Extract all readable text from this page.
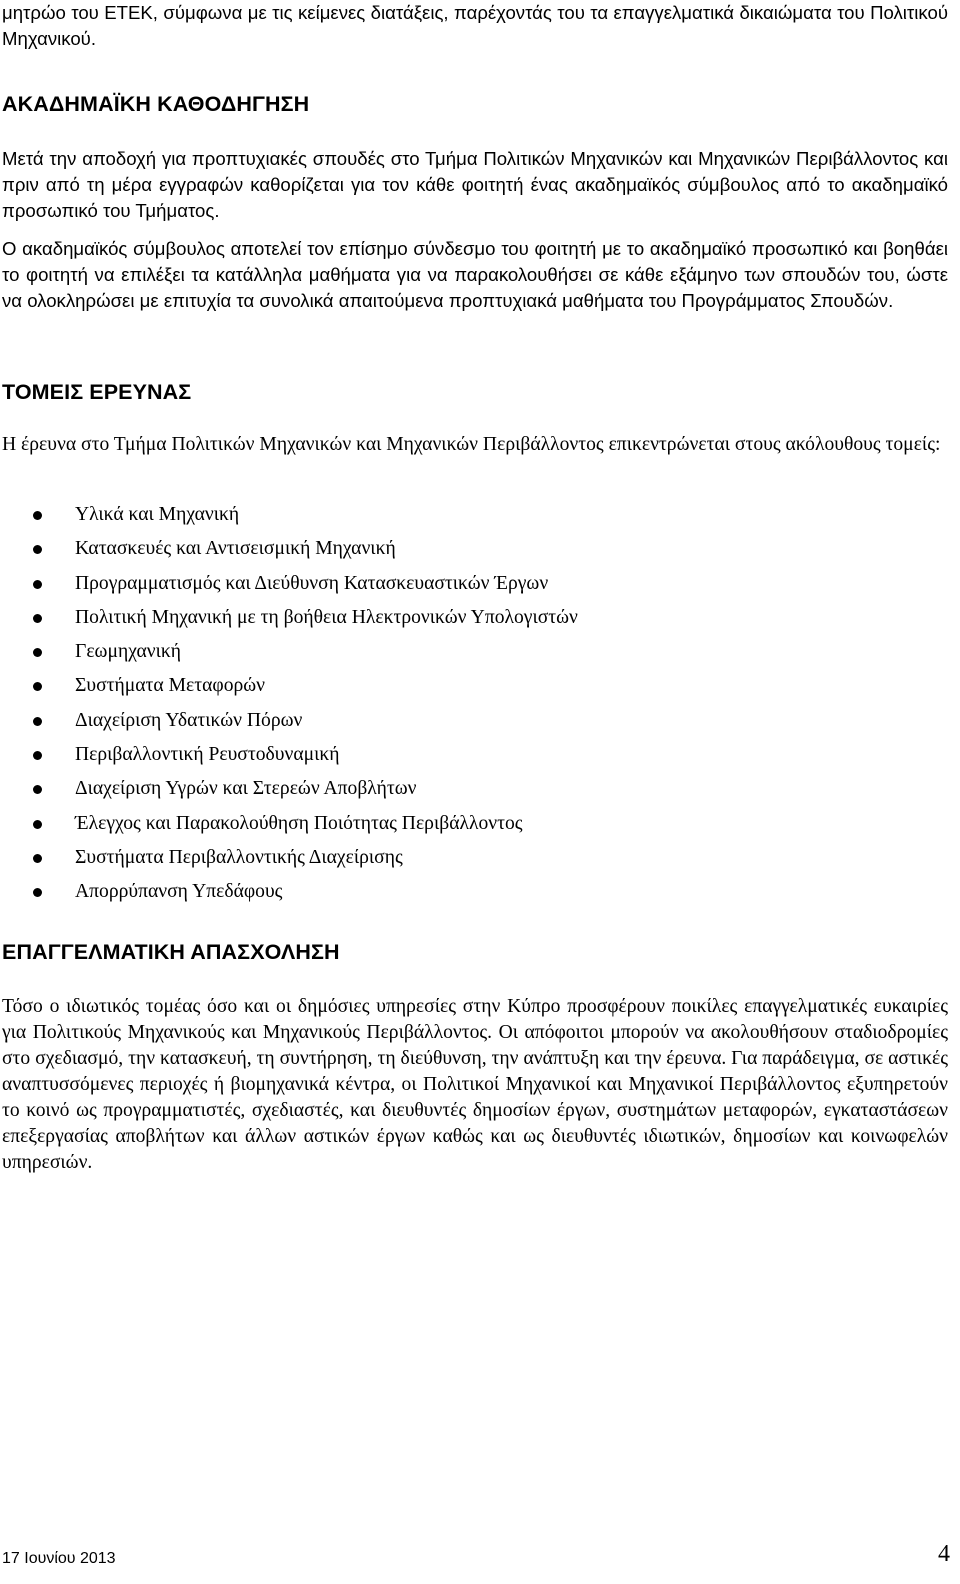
μητρώο του ΕΤΕΚ, σύμφωνα με τις κείμενες διατάξεις, παρέχοντάς του τα επαγγελματικά δικαιώματα του Πολιτικού Μηχανικού.

ΑΚΑΔΗΜΑΪΚΗ ΚΑΘΟΔΗΓΗΣΗ

Μετά την αποδοχή για προπτυχιακές σπουδές στο Τμήμα Πολιτικών Μηχανικών και Μηχανικών Περιβάλλοντος και πριν από τη μέρα εγγραφών καθορίζεται για τον κάθε φοιτητή ένας ακαδημαϊκός σύμβουλος από το ακαδημαϊκό προσωπικό του Τμήματος.

Ο ακαδημαϊκός σύμβουλος αποτελεί τον επίσημο σύνδεσμο του φοιτητή με το ακαδημαϊκό προσωπικό και βοηθάει το φοιτητή να επιλέξει τα κατάλληλα μαθήματα για να παρακολουθήσει σε κάθε εξάμηνο των σπουδών του, ώστε να ολοκληρώσει με επιτυχία τα συνολικά απαιτούμενα προπτυχιακά μαθήματα του Προγράμματος Σπουδών.

ΤΟΜΕΙΣ ΕΡΕΥΝΑΣ

Η έρευνα στο Τμήμα Πολιτικών Μηχανικών και Μηχανικών Περιβάλλοντος επικεντρώνεται στους ακόλουθους τομείς:

Υλικά και Μηχανική
Κατασκευές και Αντισεισμική Μηχανική
Προγραμματισμός και Διεύθυνση Κατασκευαστικών Έργων
Πολιτική Μηχανική με τη βοήθεια Ηλεκτρονικών Υπολογιστών
Γεωμηχανική
Συστήματα Μεταφορών
Διαχείριση Υδατικών Πόρων
Περιβαλλοντική Ρευστοδυναμική
Διαχείριση Υγρών και Στερεών Αποβλήτων
Έλεγχος και Παρακολούθηση Ποιότητας Περιβάλλοντος
Συστήματα Περιβαλλοντικής Διαχείρισης
Απορρύπανση Υπεδάφους
ΕΠΑΓΓΕΛΜΑΤΙΚΗ ΑΠΑΣΧΟΛΗΣΗ

Τόσο ο ιδιωτικός τομέας όσο και οι δημόσιες υπηρεσίες στην Κύπρο προσφέρουν ποικίλες επαγγελματικές ευκαιρίες για Πολιτικούς Μηχανικούς και Μηχανικούς Περιβάλλοντος. Οι απόφοιτοι μπορούν να ακολουθήσουν σταδιοδρομίες στο σχεδιασμό, την κατασκευή, τη συντήρηση, τη διεύθυνση, την ανάπτυξη και την έρευνα. Για παράδειγμα, σε αστικές αναπτυσσόμενες περιοχές ή βιομηχανικά κέντρα, οι Πολιτικοί Μηχανικοί και Μηχανικοί Περιβάλλοντος εξυπηρετούν το κοινό ως προγραμματιστές, σχεδιαστές, και διευθυντές δημοσίων έργων, συστημάτων μεταφορών, εγκαταστάσεων επεξεργασίας αποβλήτων και άλλων αστικών έργων καθώς και ως διευθυντές ιδιωτικών, δημοσίων και κοινωφελών υπηρεσιών.

17 Ιουνίου 2013	4
